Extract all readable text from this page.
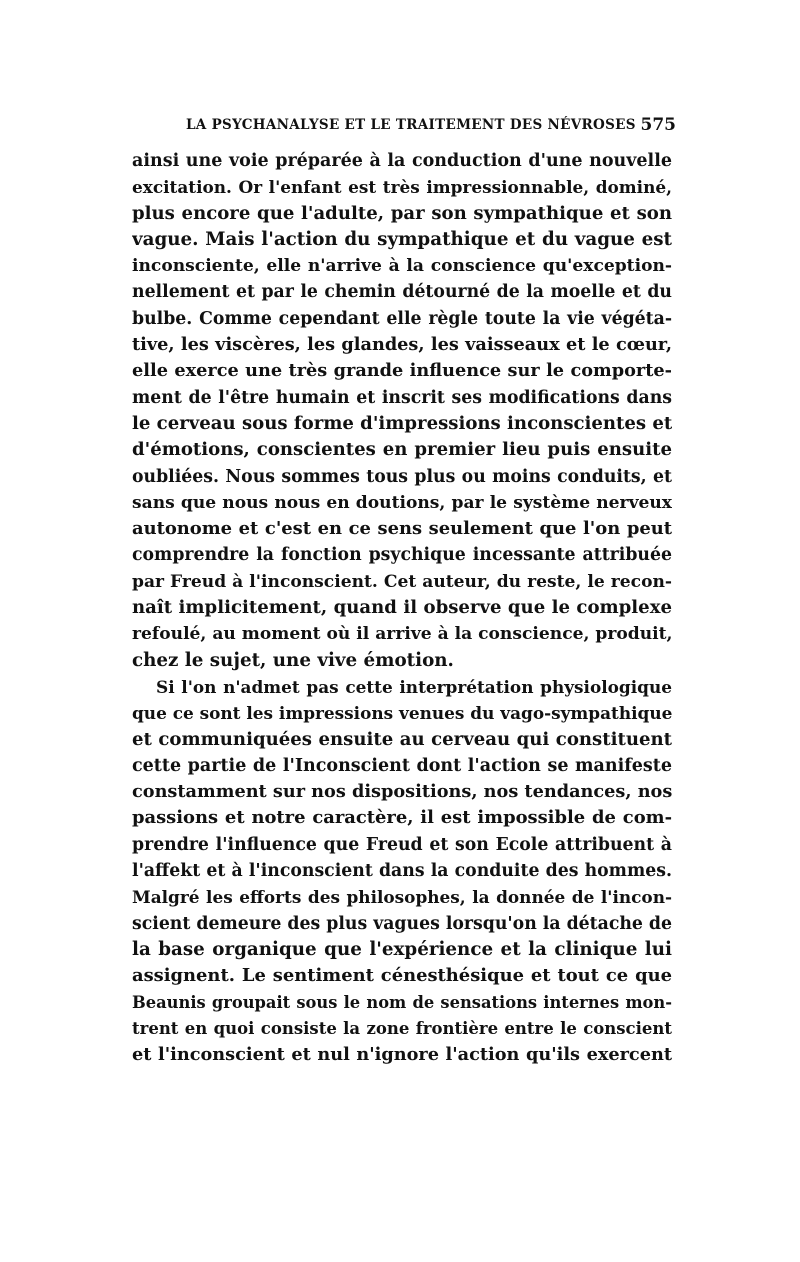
LA PSYCHANALYSE ET LE TRAITEMENT DES NÉVROSES 575
ainsi une voie préparée à la conduction d'une nouvelle
excitation. Or l'enfant est très impressionnable, dominé,
plus encore que l'adulte, par son sympathique et son
vague. Mais l'action du sympathique et du vague est
inconsciente, elle n'arrive à la conscience qu'exception-
nellement et par le chemin détourné de la moelle et du
bulbe. Comme cependant elle règle toute la vie végéta-
tive, les viscères, les glandes, les vaisseaux et le cœur,
elle exerce une très grande influence sur le comporte-
ment de l'être humain et inscrit ses modifications dans
le cerveau sous forme d'impressions inconscientes et
d'émotions, conscientes en premier lieu puis ensuite
oubliées. Nous sommes tous plus ou moins conduits, et
sans que nous nous en doutions, par le système nerveux
autonome et c'est en ce sens seulement que l'on peut
comprendre la fonction psychique incessante attribuée
par Freud à l'inconscient. Cet auteur, du reste, le recon-
naît implicitement, quand il observe que le complexe
refoulé, au moment où il arrive à la conscience, produit,
chez le sujet, une vive émotion.
Si l'on n'admet pas cette interprétation physiologique
que ce sont les impressions venues du vago-sympathique
et communiquées ensuite au cerveau qui constituent
cette partie de l'Inconscient dont l'action se manifeste
constamment sur nos dispositions, nos tendances, nos
passions et notre caractère, il est impossible de com-
prendre l'influence que Freud et son Ecole attribuent à
l'affekt et à l'inconscient dans la conduite des hommes.
Malgré les efforts des philosophes, la donnée de l'incon-
scient demeure des plus vagues lorsqu'on la détache de
la base organique que l'expérience et la clinique lui
assignent. Le sentiment cénesthésique et tout ce que
Beaunis groupait sous le nom de sensations internes mon-
trent en quoi consiste la zone frontière entre le conscient
et l'inconscient et nul n'ignore l'action qu'ils exercent
